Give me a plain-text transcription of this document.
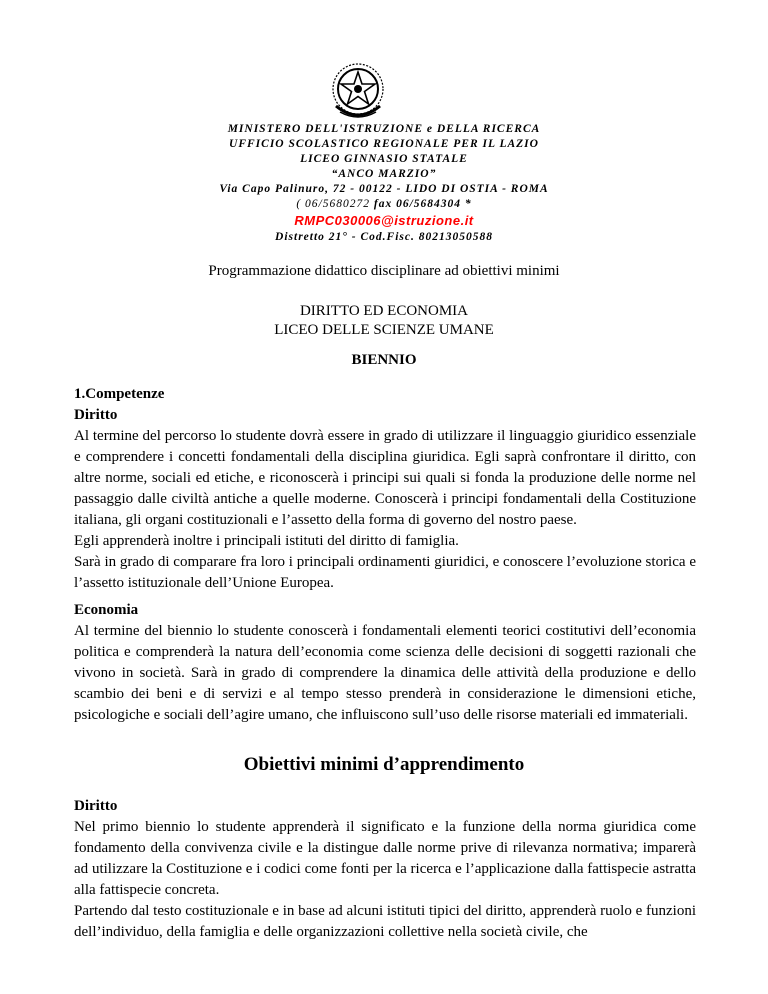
MINISTERO DELL'ISTRUZIONE e DELLA RICERCA
UFFICIO SCOLASTICO REGIONALE PER IL LAZIO
LICEO GINNASIO STATALE
“ANCO MARZIO”
Via Capo Palinuro, 72 - 00122 - LIDO DI OSTIA - ROMA
( 06/5680272 fax 06/5684304 *
RMPC030006@istruzione.it
Distretto 21° - Cod.Fisc. 80213050588
Programmazione didattico disciplinare ad obiettivi minimi
DIRITTO ED ECONOMIA
LICEO DELLE SCIENZE UMANE
BIENNIO

1.Competenze

Diritto

Al termine del percorso lo studente dovrà essere in grado di utilizzare il linguaggio giuridico essenziale e comprendere i concetti fondamentali della disciplina giuridica. Egli saprà confrontare il diritto, con altre norme, sociali ed etiche, e riconoscerà i principi sui quali si fonda la produzione delle norme nel passaggio dalle civiltà antiche a quelle moderne. Conoscerà i principi fondamentali della Costituzione italiana, gli organi costituzionali e l’assetto della forma di governo del nostro paese.

Egli apprenderà inoltre i principali istituti del diritto di famiglia.

Sarà in grado di comparare fra loro i principali ordinamenti giuridici, e conoscere l’evoluzione storica e l’assetto istituzionale dell’Unione Europea.

Economia

Al termine del biennio lo studente conoscerà i fondamentali elementi teorici costitutivi dell’economia politica e comprenderà la natura dell’economia come scienza delle decisioni di soggetti razionali che vivono in società. Sarà in grado di comprendere la dinamica delle attività della produzione e dello scambio dei beni e di servizi e al tempo stesso prenderà in considerazione le dimensioni etiche, psicologiche e sociali dell’agire umano, che influiscono sull’uso delle risorse materiali ed immateriali.

Obiettivi minimi d’apprendimento

Diritto

Nel primo biennio lo studente apprenderà il significato e la funzione della norma giuridica come fondamento della convivenza civile e la distingue dalle norme prive di rilevanza normativa; imparerà ad utilizzare la Costituzione e i codici come fonti per la ricerca e l’applicazione dalla fattispecie astratta alla fattispecie concreta.

Partendo dal testo costituzionale e in base ad alcuni istituti tipici del diritto, apprenderà ruolo e funzioni dell’individuo, della famiglia e delle organizzazioni collettive nella società civile, che
